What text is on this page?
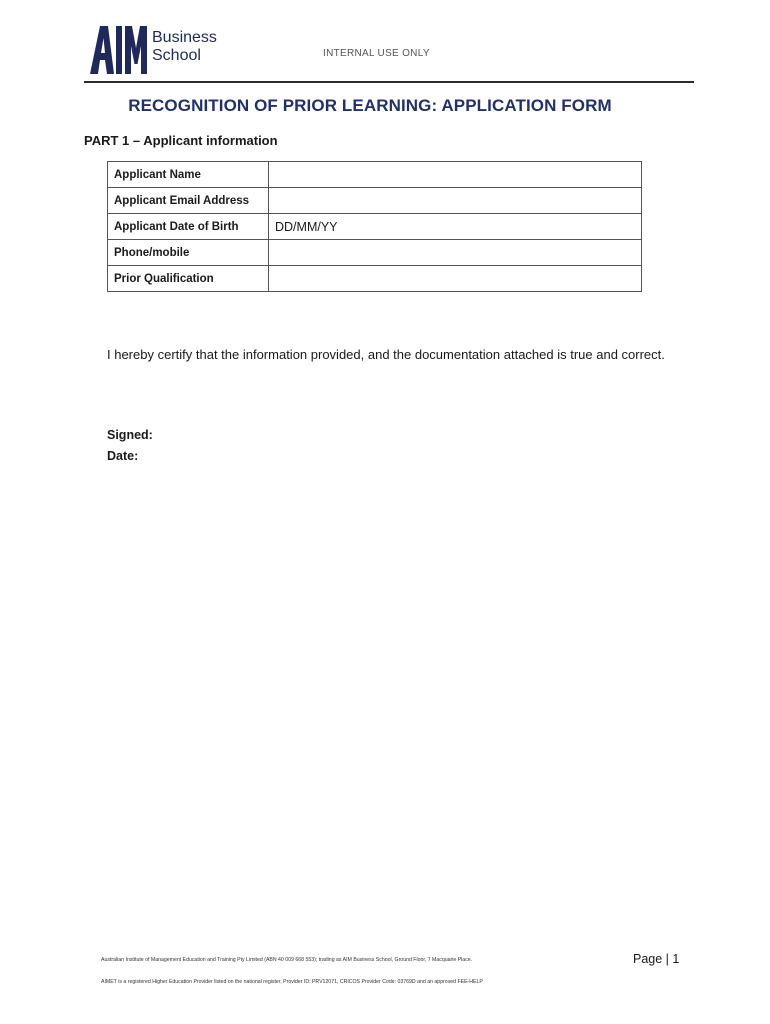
Business
School	INTERNAL USE ONLY
RECOGNITION OF PRIOR LEARNING: APPLICATION FORM
PART 1 – Applicant information
Applicant Name	
Applicant Email Address	
Applicant Date of Birth	DD/MM/YY
Phone/mobile	
Prior Qualification	
I hereby certify that the information provided, and the documentation attached is true and correct.
Signed:
Date:
Australian Institute of Management Education and Training Pty Limited (ABN 40 009 668 553); trading as AIM Business School, Ground Floor, 7 Macquarie Place.
AIMET is a registered Higher Education Provider listed on the national register, Provider ID: PRV12071, CRICOS Provider Code: 03769D and an approved FEE-HELP
Page | 1
